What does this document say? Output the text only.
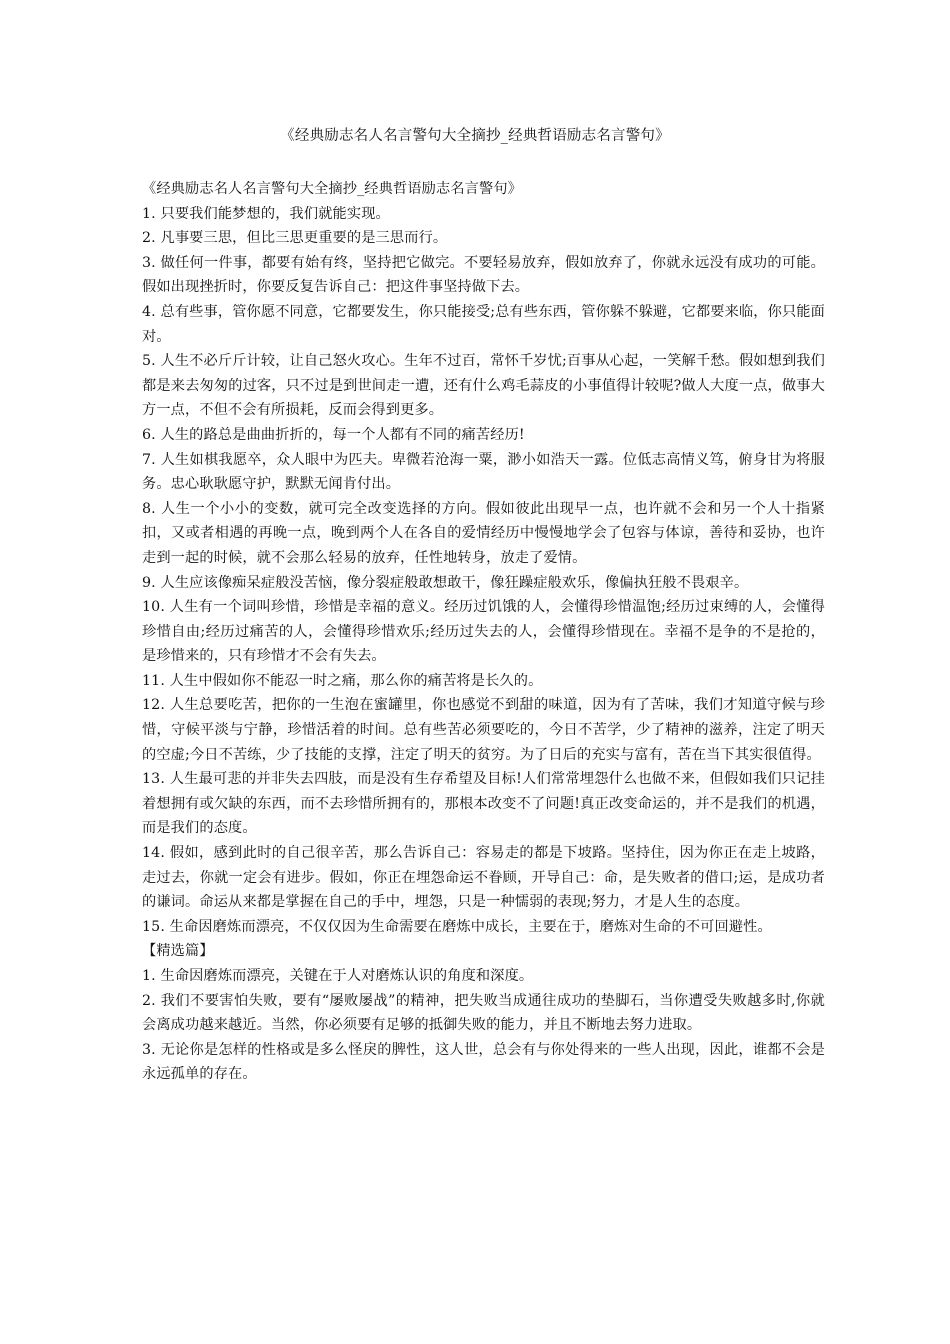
《经典励志名人名言警句大全摘抄_经典哲语励志名言警句》

《经典励志名人名言警句大全摘抄_经典哲语励志名言警句》

1. 只要我们能梦想的，我们就能实现。

2. 凡事要三思，但比三思更重要的是三思而行。

3. 做任何一件事，都要有始有终，坚持把它做完。不要轻易放弃，假如放弃了，你就永远没有成功的可能。假如出现挫折时，你要反复告诉自己：把这件事坚持做下去。

4. 总有些事，管你愿不同意，它都要发生，你只能接受;总有些东西，管你躲不躲避，它都要来临，你只能面对。

5. 人生不必斤斤计较，让自己怒火攻心。生年不过百，常怀千岁忧;百事从心起，一笑解千愁。假如想到我们都是来去匆匆的过客，只不过是到世间走一遭，还有什么鸡毛蒜皮的小事值得计较呢?做人大度一点，做事大方一点，不但不会有所损耗，反而会得到更多。

6. 人生的路总是曲曲折折的，每一个人都有不同的痛苦经历!

7. 人生如棋我愿卒，众人眼中为匹夫。卑微若沧海一粟，渺小如浩天一露。位低志高情义笃，俯身甘为将服务。忠心耿耿愿守护，默默无闻肯付出。

8. 人生一个小小的变数，就可完全改变选择的方向。假如彼此出现早一点，也许就不会和另一个人十指紧扣，又或者相遇的再晚一点，晚到两个人在各自的爱情经历中慢慢地学会了包容与体谅，善待和妥协，也许走到一起的时候，就不会那么轻易的放弃，任性地转身，放走了爱情。

9. 人生应该像痴呆症般没苦恼，像分裂症般敢想敢干，像狂躁症般欢乐，像偏执狂般不畏艰辛。

10. 人生有一个词叫珍惜，珍惜是幸福的意义。经历过饥饿的人，会懂得珍惜温饱;经历过束缚的人，会懂得珍惜自由;经历过痛苦的人，会懂得珍惜欢乐;经历过失去的人，会懂得珍惜现在。幸福不是争的不是抢的，是珍惜来的，只有珍惜才不会有失去。

11. 人生中假如你不能忍一时之痛，那么你的痛苦将是长久的。

12. 人生总要吃苦，把你的一生泡在蜜罐里，你也感觉不到甜的味道，因为有了苦味，我们才知道守候与珍惜，守候平淡与宁静，珍惜活着的时间。总有些苦必须要吃的，今日不苦学，少了精神的滋养，注定了明天的空虚;今日不苦练，少了技能的支撑，注定了明天的贫穷。为了日后的充实与富有，苦在当下其实很值得。

13. 人生最可悲的并非失去四肢，而是没有生存希望及目标!人们常常埋怨什么也做不来，但假如我们只记挂着想拥有或欠缺的东西，而不去珍惜所拥有的，那根本改变不了问题!真正改变命运的，并不是我们的机遇，而是我们的态度。

14. 假如，感到此时的自己很辛苦，那么告诉自己：容易走的都是下坡路。坚持住，因为你正在走上坡路，走过去，你就一定会有进步。假如，你正在埋怨命运不眷顾，开导自己：命，是失败者的借口;运，是成功者的谦词。命运从来都是掌握在自己的手中，埋怨，只是一种懦弱的表现;努力，才是人生的态度。

15. 生命因磨炼而漂亮，不仅仅因为生命需要在磨炼中成长，主要在于，磨炼对生命的不可回避性。

【精选篇】

1. 生命因磨炼而漂亮，关键在于人对磨炼认识的角度和深度。

2. 我们不要害怕失败，要有“屡败屡战”的精神，把失败当成通往成功的垫脚石，当你遭受失败越多时,你就会离成功越来越近。当然，你必须要有足够的抵御失败的能力，并且不断地去努力进取。

3. 无论你是怎样的性格或是多么怪戾的脾性，这人世，总会有与你处得来的一些人出现，因此，谁都不会是永远孤单的存在。
